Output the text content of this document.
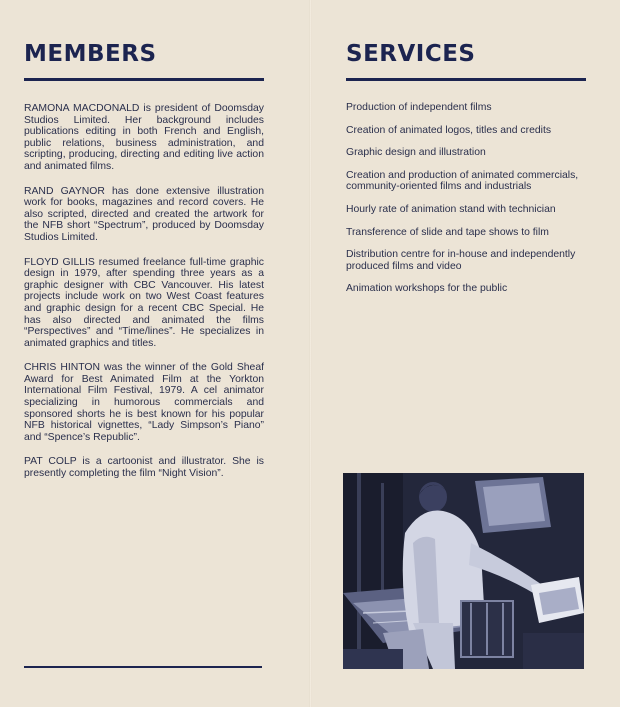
MEMBERS

RAMONA MACDONALD is president of Doomsday Studios Limited. Her background includes publications editing in both French and English, public relations, business administration, and scripting, producing, directing and editing live action and animated films.

RAND GAYNOR has done extensive illustration work for books, magazines and record covers. He also scripted, directed and created the artwork for the NFB short “Spectrum”, produced by Doomsday Studios Limited.

FLOYD GILLIS resumed freelance full-time graphic design in 1979, after spending three years as a graphic designer with CBC Vancouver. His latest projects include work on two West Coast features and graphic design for a recent CBC Special. He has also directed and animated the films “Perspectives” and “Time/lines”. He specializes in animated graphics and titles.

CHRIS HINTON was the winner of the Gold Sheaf Award for Best Animated Film at the Yorkton International Film Festival, 1979. A cel animator specializing in humorous commercials and sponsored shorts he is best known for his popular NFB historical vignettes, “Lady Simpson’s Piano” and “Spence’s Republic”.

PAT COLP is a cartoonist and illustrator. She is presently completing the film “Night Vision”.

SERVICES

Production of independent films

Creation of animated logos, titles and credits

Graphic design and illustration

Creation and production of animated commercials, community-oriented films and industrials

Hourly rate of animation stand with technician

Transference of slide and tape shows to film

Distribution centre for in-house and independently produced films and video

Animation workshops for the public
